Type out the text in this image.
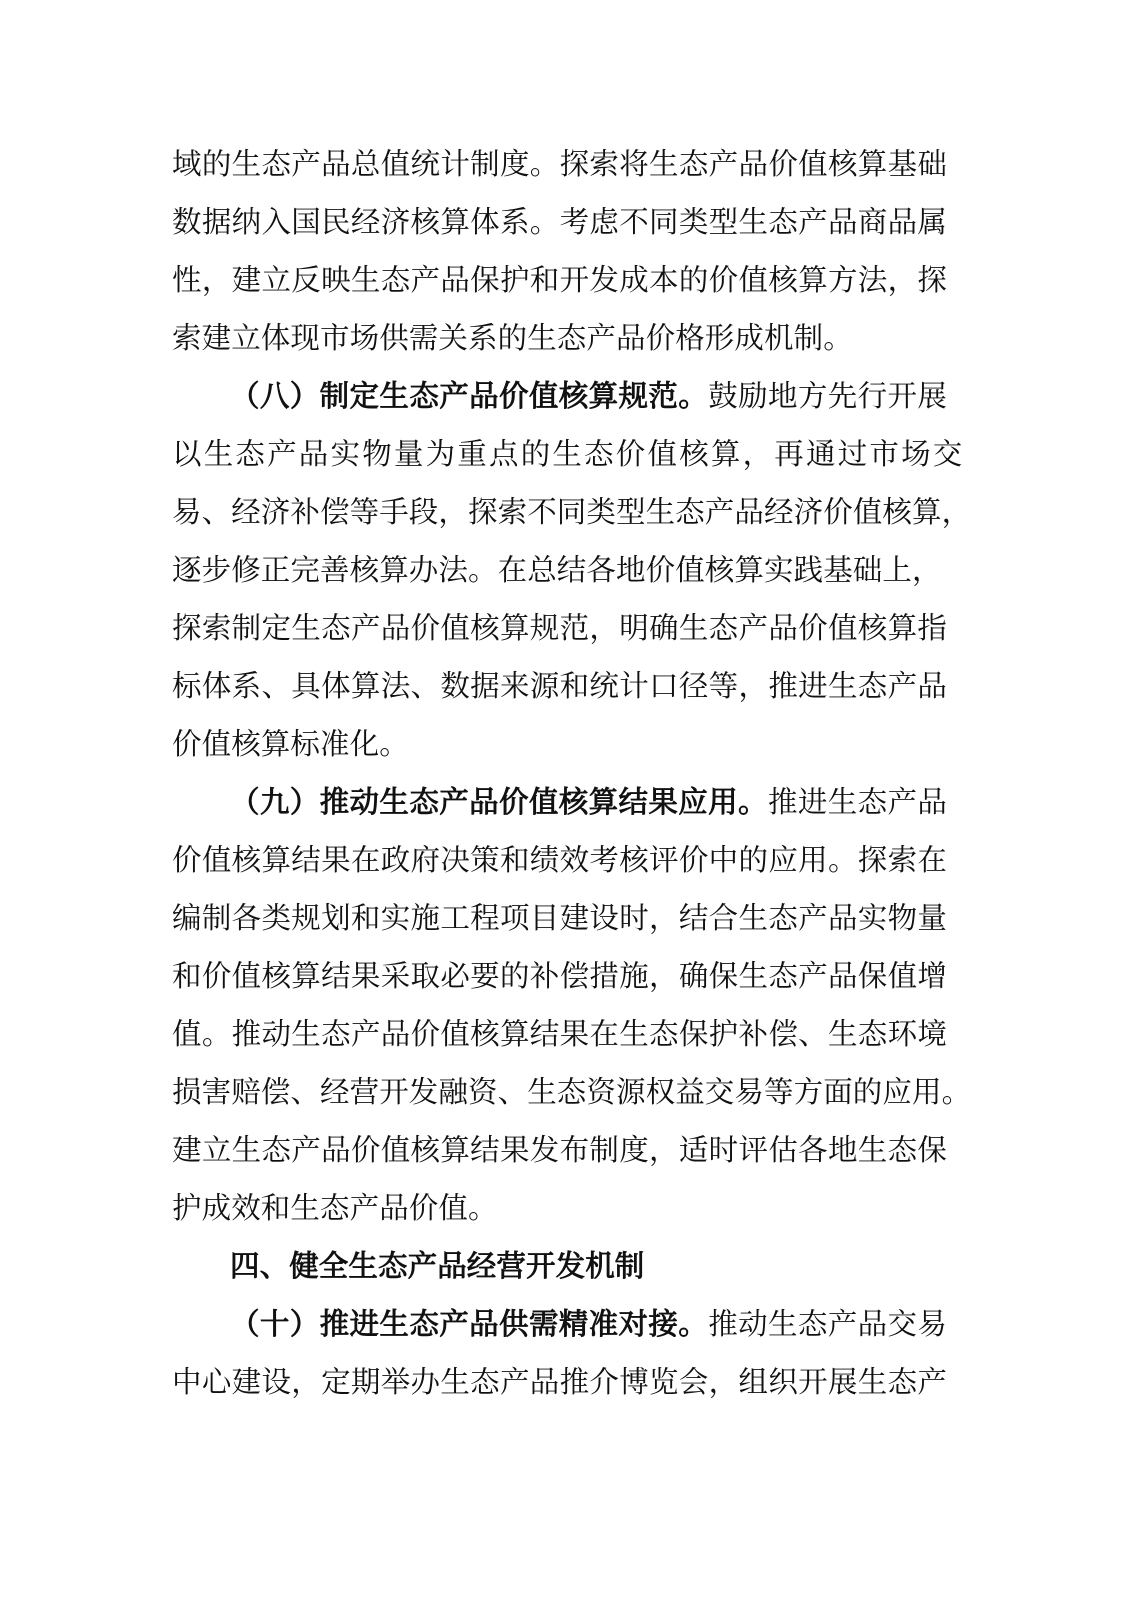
域的生态产品总值统计制度。探索将生态产品价值核算基础
数据纳入国民经济核算体系。考虑不同类型生态产品商品属
性，建立反映生态产品保护和开发成本的价值核算方法，探
索建立体现市场供需关系的生态产品价格形成机制。
（八）制定生态产品价值核算规范。鼓励地方先行开展
以生态产品实物量为重点的生态价值核算，再通过市场交
易、经济补偿等手段，探索不同类型生态产品经济价值核算，
逐步修正完善核算办法。在总结各地价值核算实践基础上，
探索制定生态产品价值核算规范，明确生态产品价值核算指
标体系、具体算法、数据来源和统计口径等，推进生态产品
价值核算标准化。
（九）推动生态产品价值核算结果应用。推进生态产品
价值核算结果在政府决策和绩效考核评价中的应用。探索在
编制各类规划和实施工程项目建设时，结合生态产品实物量
和价值核算结果采取必要的补偿措施，确保生态产品保值增
值。推动生态产品价值核算结果在生态保护补偿、生态环境
损害赔偿、经营开发融资、生态资源权益交易等方面的应用。
建立生态产品价值核算结果发布制度，适时评估各地生态保
护成效和生态产品价值。
四、健全生态产品经营开发机制
（十）推进生态产品供需精准对接。推动生态产品交易
中心建设，定期举办生态产品推介博览会，组织开展生态产
